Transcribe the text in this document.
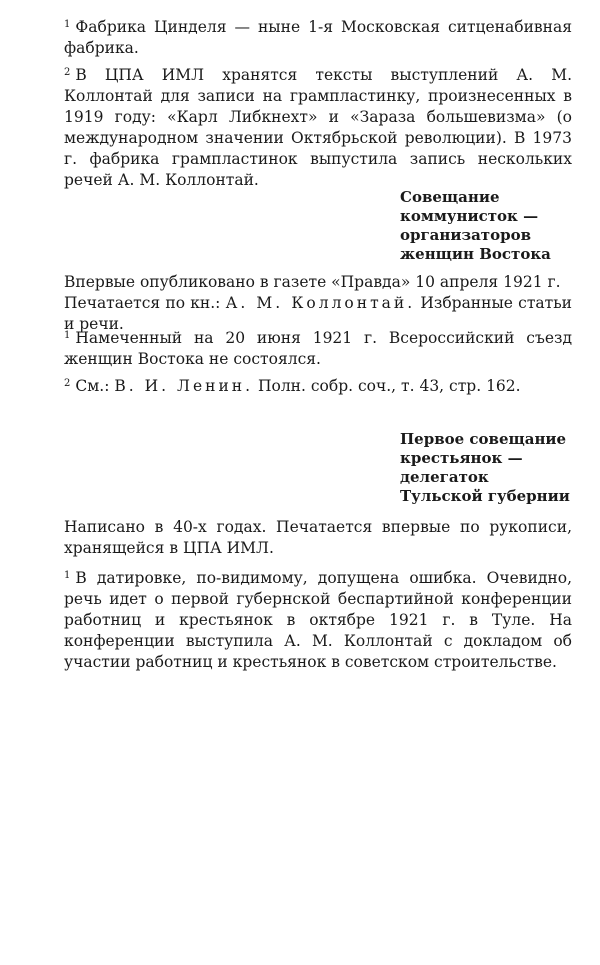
$^1$ Фабрика Цинделя — ныне 1-я Московская ситценабивная фабрика.
$^2$ В ЦПА ИМЛ хранятся тексты выступлений А. М. Коллонтай для записи на грампластинку, произнесенных в 1919 году: «Карл Либкнехт» и «Зараза большевизма» (о международном значении Октябрьской революции). В 1973 г. фабрика грампластинок выпустила запись нескольких речей А. М. Коллонтай.
Совещание
коммунисток —
организаторов
женщин Востока
Впервые опубликовано в газете «Правда» 10 апреля 1921 г.
Печатается по кн.: А. М. Коллонтай. Избранные статьи и речи.
$^1$ Намеченный на 20 июня 1921 г. Всероссийский съезд женщин Востока не состоялся.
$^2$ См.: В. И. Ленин. Полн. собр. соч., т. 43, стр. 162.
Первое совещание
крестьянок —
делегаток
Тульской губернии
Написано в 40-х годах. Печатается впервые по рукописи, хранящейся в ЦПА ИМЛ.
$^1$ В датировке, по-видимому, допущена ошибка. Очевидно, речь идет о первой губернской беспартийной конференции работниц и крестьянок в октябре 1921 г. в Туле. На конференции выступила А. М. Коллонтай с докладом об участии работниц и крестьянок в советском строительстве.
